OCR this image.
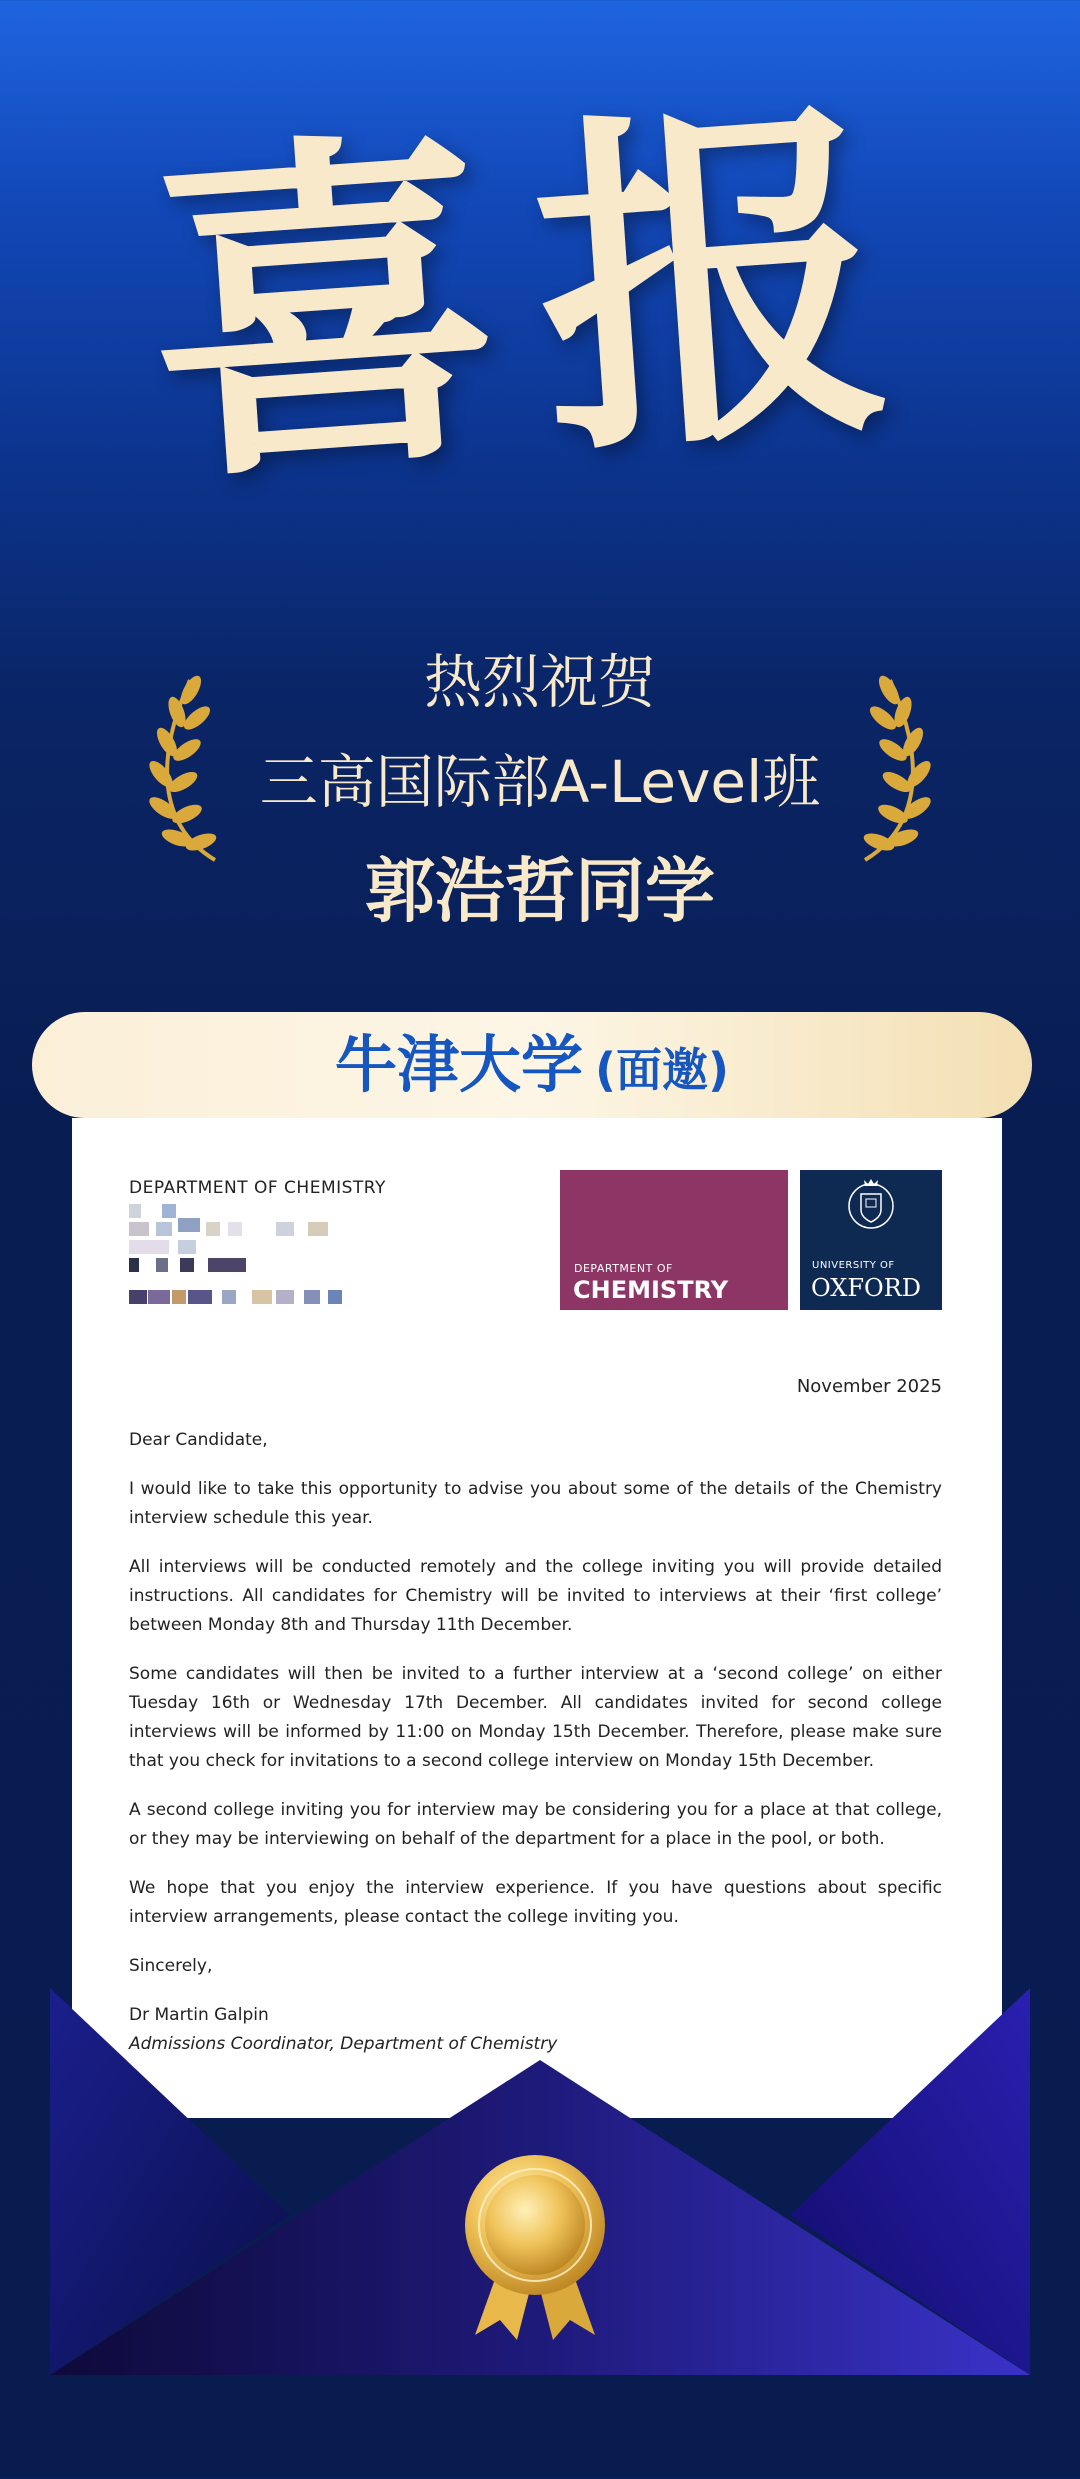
喜报
热烈祝贺
三高国际部A-Level班
郭浩哲同学
牛津大学 (面邀)
DEPARTMENT OF CHEMISTRY
DEPARTMENT OF
CHEMISTRY
UNIVERSITY OF
OXFORD
November 2025

Dear Candidate,

I would like to take this opportunity to advise you about some of the details of the Chemistry interview schedule this year.

All interviews will be conducted remotely and the college inviting you will provide detailed instructions. All candidates for Chemistry will be invited to interviews at their ‘first college’ between Monday 8th and Thursday 11th December.

Some candidates will then be invited to a further interview at a ‘second college’ on either Tuesday 16th or Wednesday 17th December. All candidates invited for second college interviews will be informed by 11:00 on Monday 15th December. Therefore, please make sure that you check for invitations to a second college interview on Monday 15th December.

A second college inviting you for interview may be considering you for a place at that college, or they may be interviewing on behalf of the department for a place in the pool, or both.

We hope that you enjoy the interview experience. If you have questions about specific interview arrangements, please contact the college inviting you.

Sincerely,

Dr Martin Galpin

Admissions Coordinator, Department of Chemistry
